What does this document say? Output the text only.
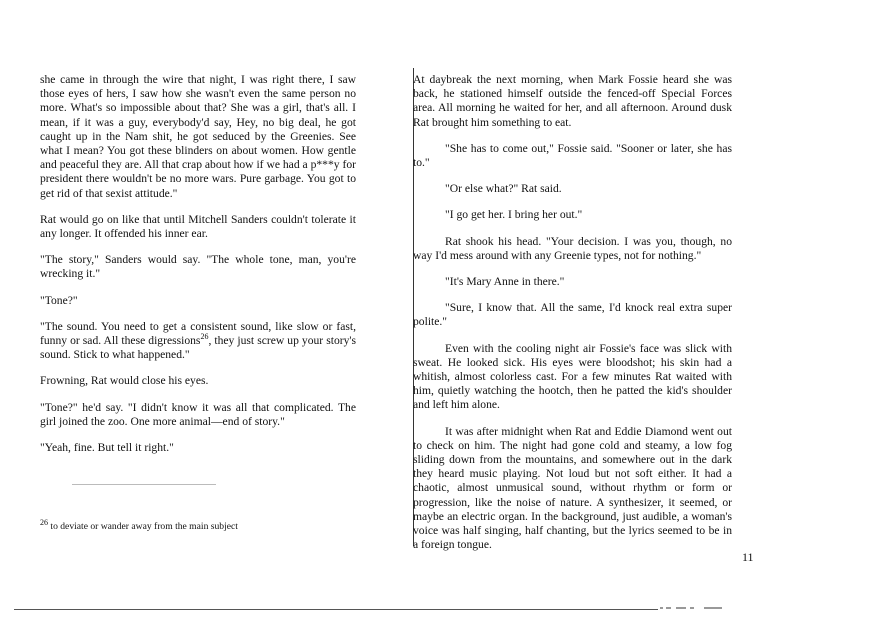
she came in through the wire that night, I was right there, I saw those eyes of hers, I saw how she wasn't even the same person no more. What's so impossible about that? She was a girl, that's all. I mean, if it was a guy, everybody'd say, Hey, no big deal, he got caught up in the Nam shit, he got seduced by the Greenies. See what I mean? You got these blinders on about women. How gentle and peaceful they are. All that crap about how if we had a p***y for president there wouldn't be no more wars. Pure garbage. You got to get rid of that sexist attitude."

Rat would go on like that until Mitchell Sanders couldn't tolerate it any longer. It offended his inner ear.

"The story," Sanders would say. "The whole tone, man, you're wrecking it."

"Tone?"

"The sound. You need to get a consistent sound, like slow or fast, funny or sad. All these digressions$^{26}$, they just screw up your story's sound. Stick to what happened."

Frowning, Rat would close his eyes.

"Tone?" he'd say. "I didn't know it was all that complicated. The girl joined the zoo. One more animal—end of story."

"Yeah, fine. But tell it right."

$^{26}$ to deviate or wander away from the main subject

At daybreak the next morning, when Mark Fossie heard she was back, he stationed himself outside the fenced-off Special Forces area. All morning he waited for her, and all afternoon. Around dusk Rat brought him something to eat.

"She has to come out," Fossie said. "Sooner or later, she has to."

"Or else what?" Rat said.

"I go get her. I bring her out."

Rat shook his head. "Your decision. I was you, though, no way I'd mess around with any Greenie types, not for nothing."

"It's Mary Anne in there."

"Sure, I know that. All the same, I'd knock real extra super polite."

Even with the cooling night air Fossie's face was slick with sweat. He looked sick. His eyes were bloodshot; his skin had a whitish, almost colorless cast. For a few minutes Rat waited with him, quietly watching the hootch, then he patted the kid's shoulder and left him alone.

It was after midnight when Rat and Eddie Diamond went out to check on him. The night had gone cold and steamy, a low fog sliding down from the mountains, and somewhere out in the dark they heard music playing. Not loud but not soft either. It had a chaotic, almost unmusical sound, without rhythm or form or progression, like the noise of nature. A synthesizer, it seemed, or maybe an electric organ. In the background, just audible, a woman's voice was half singing, half chanting, but the lyrics seemed to be in a foreign tongue.

11
